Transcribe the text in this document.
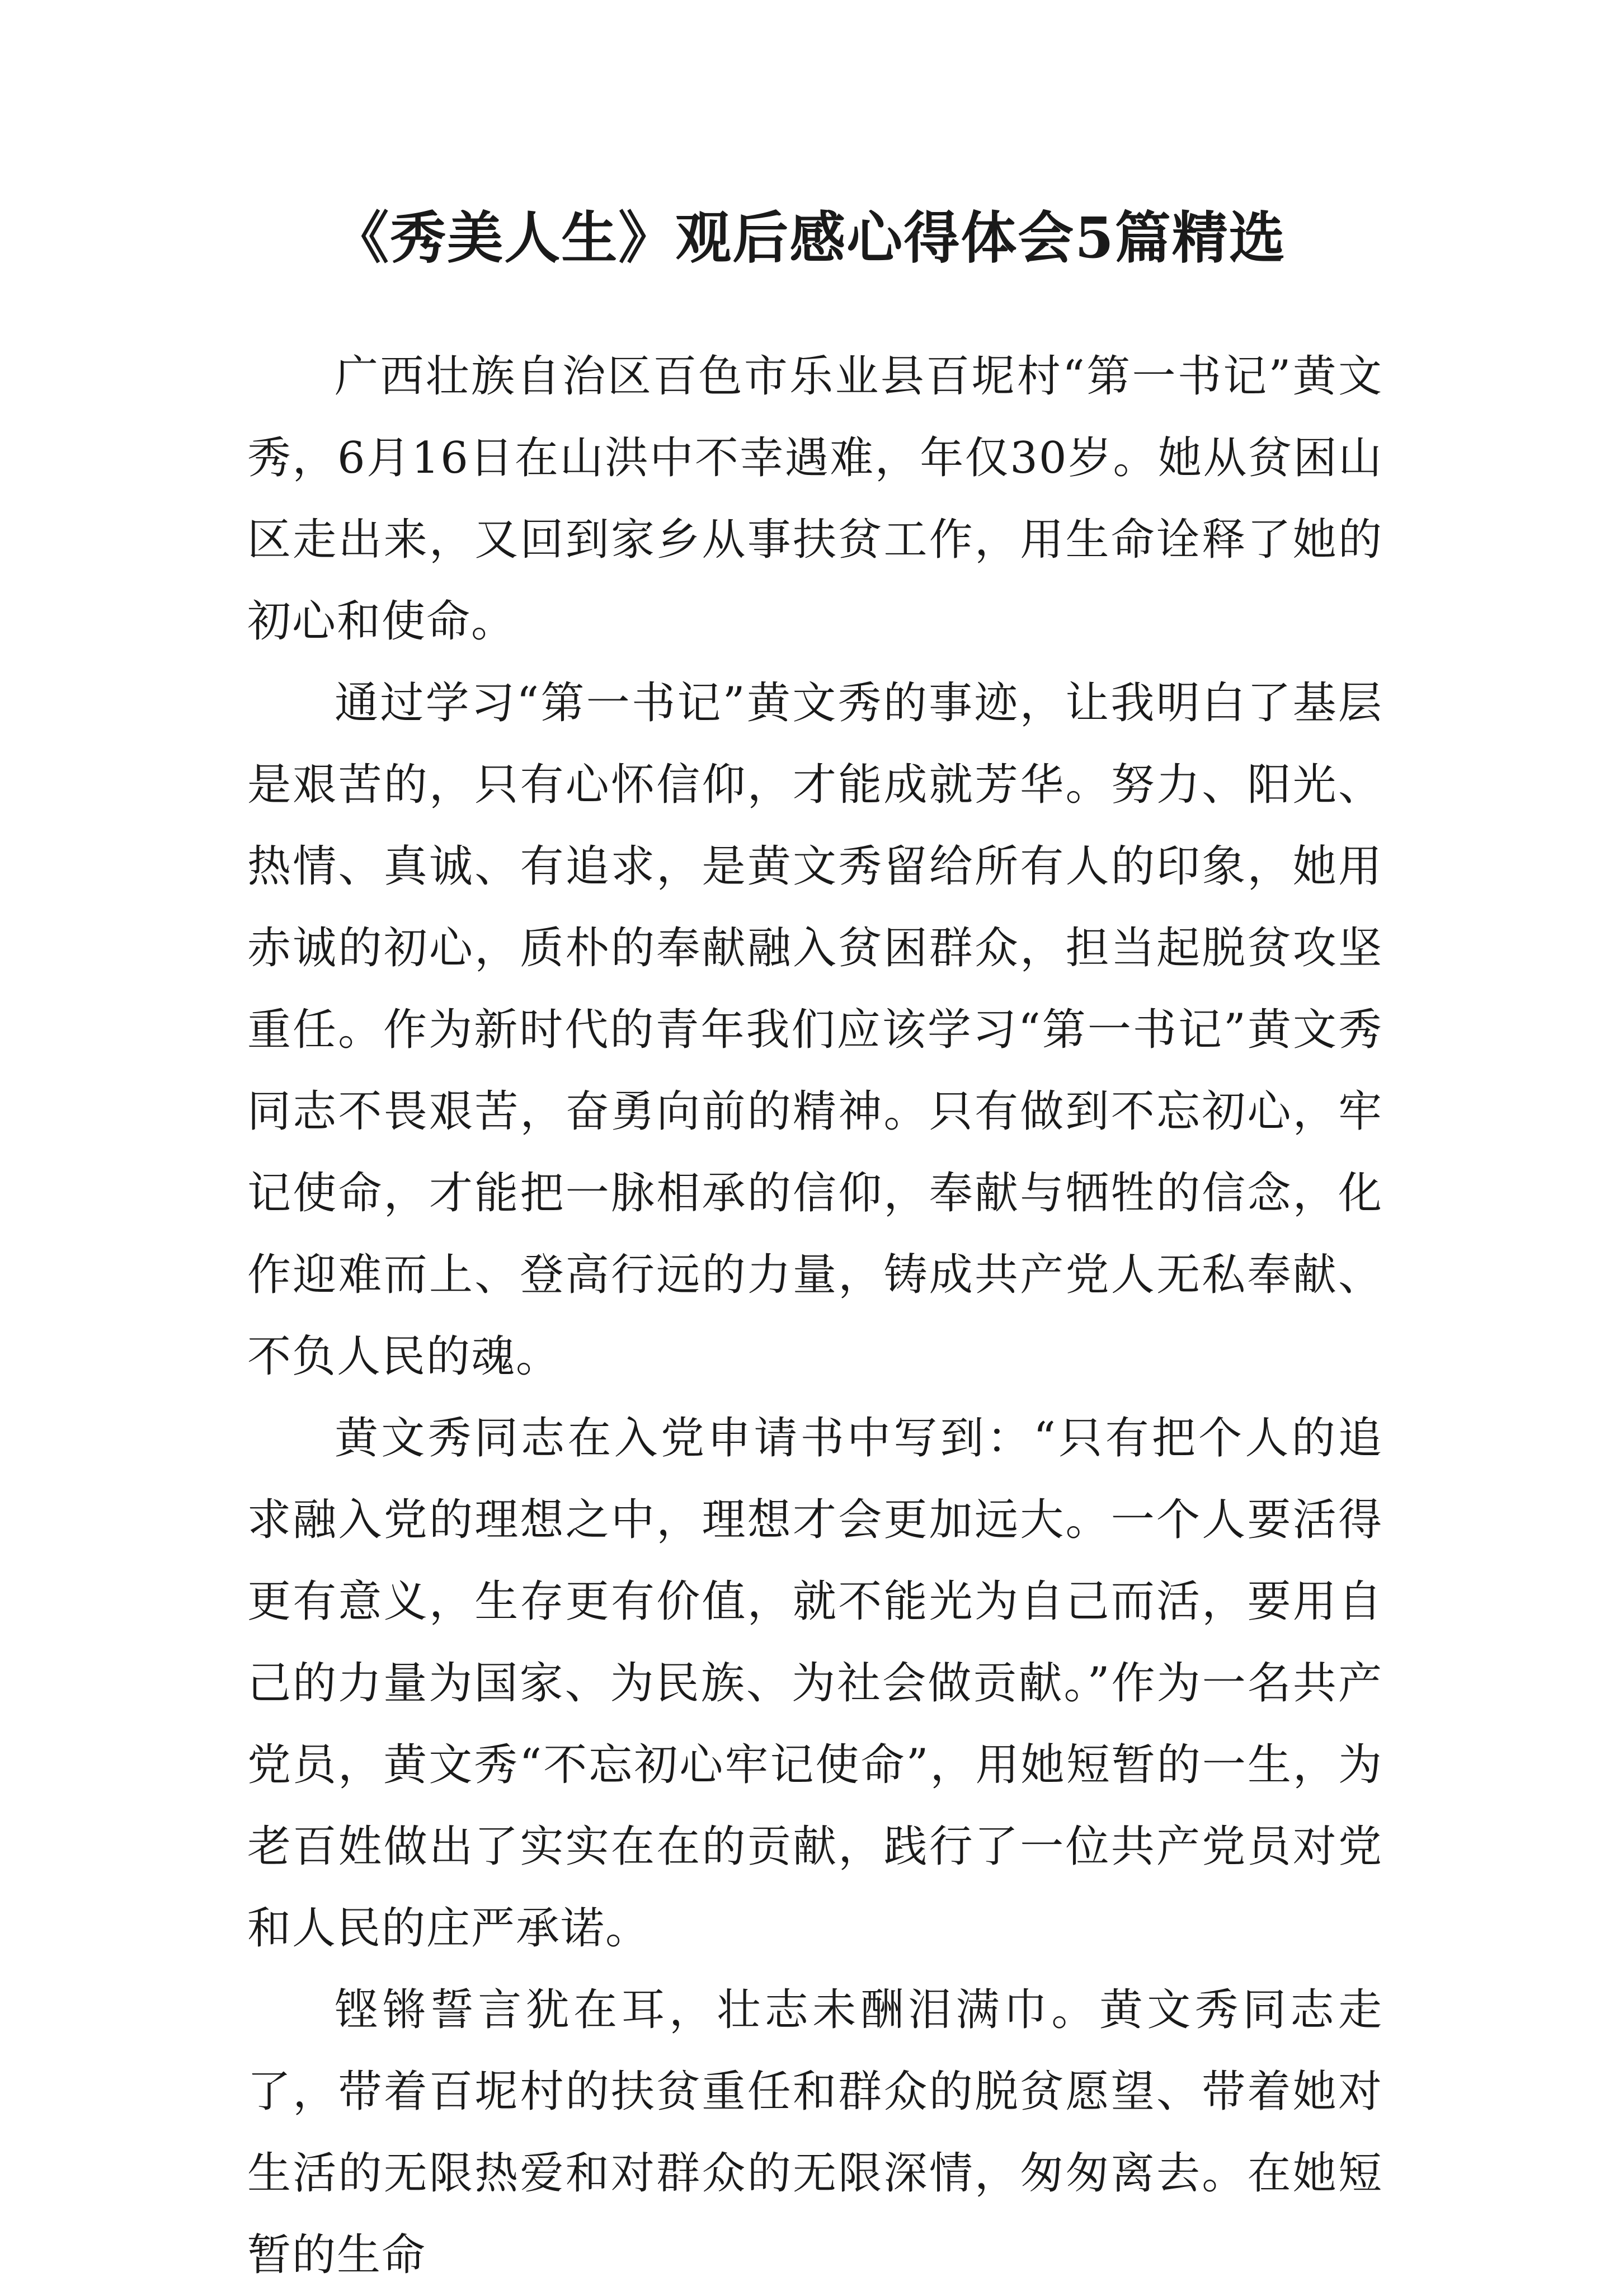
《秀美人生》观后感心得体会5篇精选

广西壮族自治区百色市乐业县百坭村“第一书记”黄文秀，6月16日在山洪中不幸遇难，年仅30岁。她从贫困山区走出来，又回到家乡从事扶贫工作，用生命诠释了她的初心和使命。

通过学习“第一书记”黄文秀的事迹，让我明白了基层是艰苦的，只有心怀信仰，才能成就芳华。努力、阳光、热情、真诚、有追求，是黄文秀留给所有人的印象，她用赤诚的初心，质朴的奉献融入贫困群众，担当起脱贫攻坚重任。作为新时代的青年我们应该学习“第一书记”黄文秀同志不畏艰苦，奋勇向前的精神。只有做到不忘初心，牢记使命，才能把一脉相承的信仰，奉献与牺牲的信念，化作迎难而上、登高行远的力量，铸成共产党人无私奉献、不负人民的魂。

黄文秀同志在入党申请书中写到：“只有把个人的追求融入党的理想之中，理想才会更加远大。一个人要活得更有意义，生存更有价值，就不能光为自己而活，要用自己的力量为国家、为民族、为社会做贡献。”作为一名共产党员，黄文秀“不忘初心牢记使命”，用她短暂的一生，为老百姓做出了实实在在的贡献，践行了一位共产党员对党和人民的庄严承诺。

铿锵誓言犹在耳，壮志未酬泪满巾。黄文秀同志走了，带着百坭村的扶贫重任和群众的脱贫愿望、带着她对生活的无限热爱和对群众的无限深情，匆匆离去。在她短暂的生命
